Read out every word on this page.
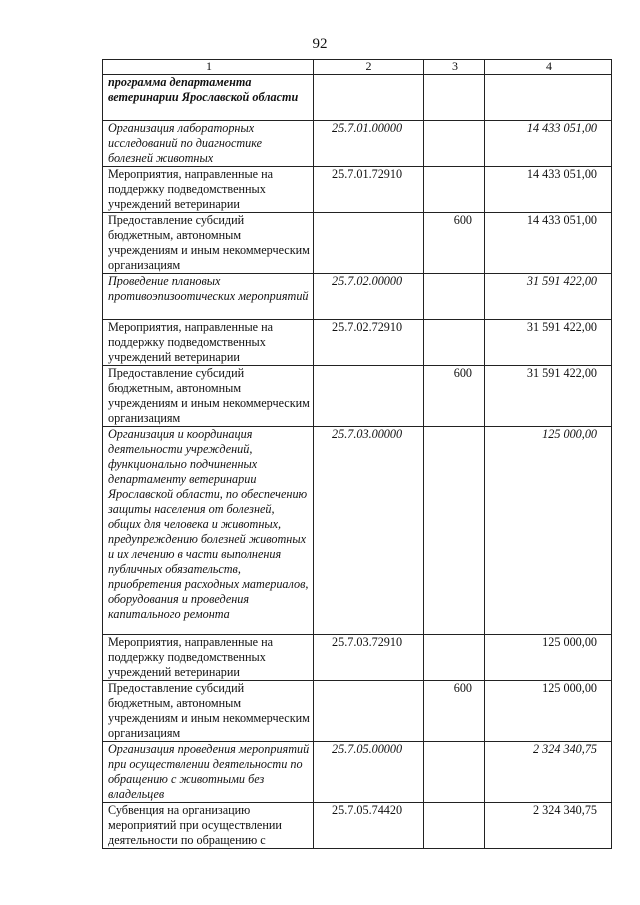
92
1	2	3	4
программа департамента ветеринарии Ярославской области			
Организация лабораторных исследований по диагностике болезней животных	25.7.01.00000		14 433 051,00
Мероприятия, направленные на поддержку подведомственных учреждений ветеринарии	25.7.01.72910		14 433 051,00
Предоставление субсидий бюджетным, автономным учреждениям и иным некоммерческим организациям		600	14 433 051,00
Проведение плановых противоэпизоотических мероприятий	25.7.02.00000		31 591 422,00
Мероприятия, направленные на поддержку подведомственных учреждений ветеринарии	25.7.02.72910		31 591 422,00
Предоставление субсидий бюджетным, автономным учреждениям и иным некоммерческим организациям		600	31 591 422,00
Организация и координация деятельности учреждений, функционально подчиненных департаменту ветеринарии Ярославской области, по обеспечению защиты населения от болезней, общих для человека и животных, предупреждению болезней животных и их лечению в части выполнения публичных обязательств, приобретения расходных материалов, оборудования и проведения капитального ремонта	25.7.03.00000		125 000,00
Мероприятия, направленные на поддержку подведомственных учреждений ветеринарии	25.7.03.72910		125 000,00
Предоставление субсидий бюджетным, автономным учреждениям и иным некоммерческим организациям		600	125 000,00
Организация проведения мероприятий при осуществлении деятельности по обращению с животными без владельцев	25.7.05.00000		2 324 340,75
Субвенция на организацию мероприятий при осуществлении деятельности по обращению с	25.7.05.74420		2 324 340,75
